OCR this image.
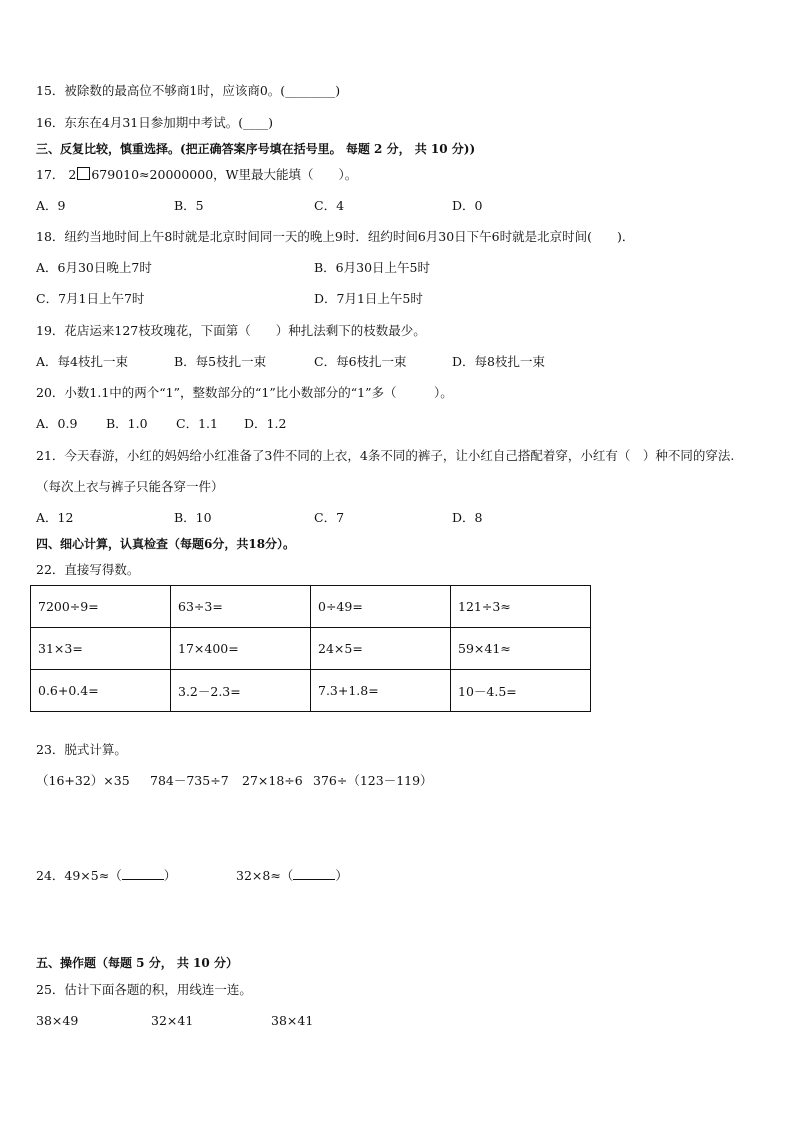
15．被除数的最高位不够商1时，应该商0。(________)
16．东东在4月31日参加期中考试。(____)
三、反复比较，慎重选择。(把正确答案序号填在括号里。 每题 2 分， 共 10 分))
17． 2 679010≈20000000，W里最大能填（　　）。
A．9	B．5	C．4	D．0
18．纽约当地时间上午8时就是北京时间同一天的晚上9时．纽约时间6月30日下午6时就是北京时间(　　)．
A．6月30日晚上7时	B．6月30日上午5时
C．7月1日上午7时	D．7月1日上午5时
19．花店运来127枝玫瑰花，下面第（　　）种扎法剩下的枝数最少。
A．每4枝扎一束	B．每5枝扎一束	C．每6枝扎一束	D．每8枝扎一束
20．小数1.1中的两个“1”，整数部分的“1”比小数部分的“1”多（　　　）。
A．0.9 B．1.0 C．1.1 D．1.2
21．今天春游，小红的妈妈给小红准备了3件不同的上衣，4条不同的裤子，让小红自己搭配着穿，小红有（　）种不同的穿法.（每次上衣与裤子只能各穿一件）
A．12	B．10	C．7	D．8
四、细心计算，认真检查（每题6分，共18分）。
22．直接写得数。
7200÷9=	63÷3=	0÷49=	121÷3≈
31×3=	17×400=	24×5=	59×41≈
0.6+0.4=	3.2－2.3=	7.3+1.8=	10－4.5=
23．脱式计算。
（16+32）×35 784－735÷7 27×18÷6 376÷（123－119）
24．49×5≈（	）	32×8≈（	）
五、操作题（每题 5 分， 共 10 分）
25．估计下面各题的积，用线连一连。
38×49	32×41	38×41
